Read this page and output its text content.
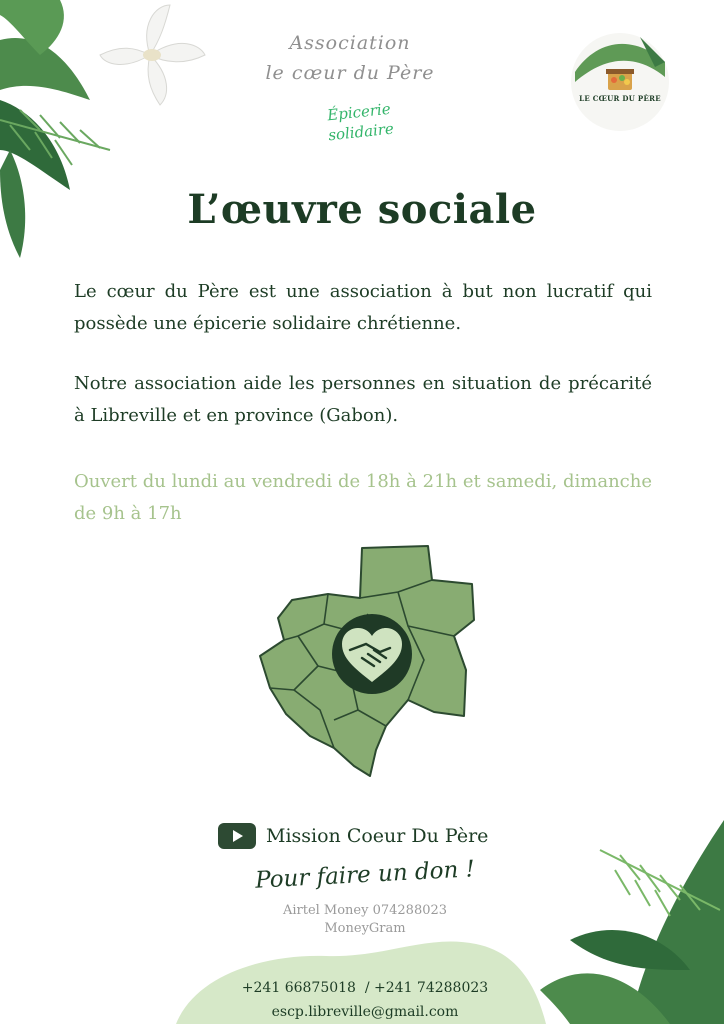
Association
le cœur du Père
Épicerie
solidaire
LE CŒUR DU PÈRE
L’œuvre sociale
Le cœur du Père est une association à but non lucratif qui possède une épicerie solidaire chrétienne.
Notre association aide les personnes en situation de précarité à Libreville et en province (Gabon).
Ouvert du lundi au vendredi de 18h à 21h et samedi, dimanche de 9h à 17h
Mission Coeur Du Père
Pour faire un don !
Airtel Money 074288023
MoneyGram
+241 66875018  / +241 74288023
escp.libreville@gmail.com
